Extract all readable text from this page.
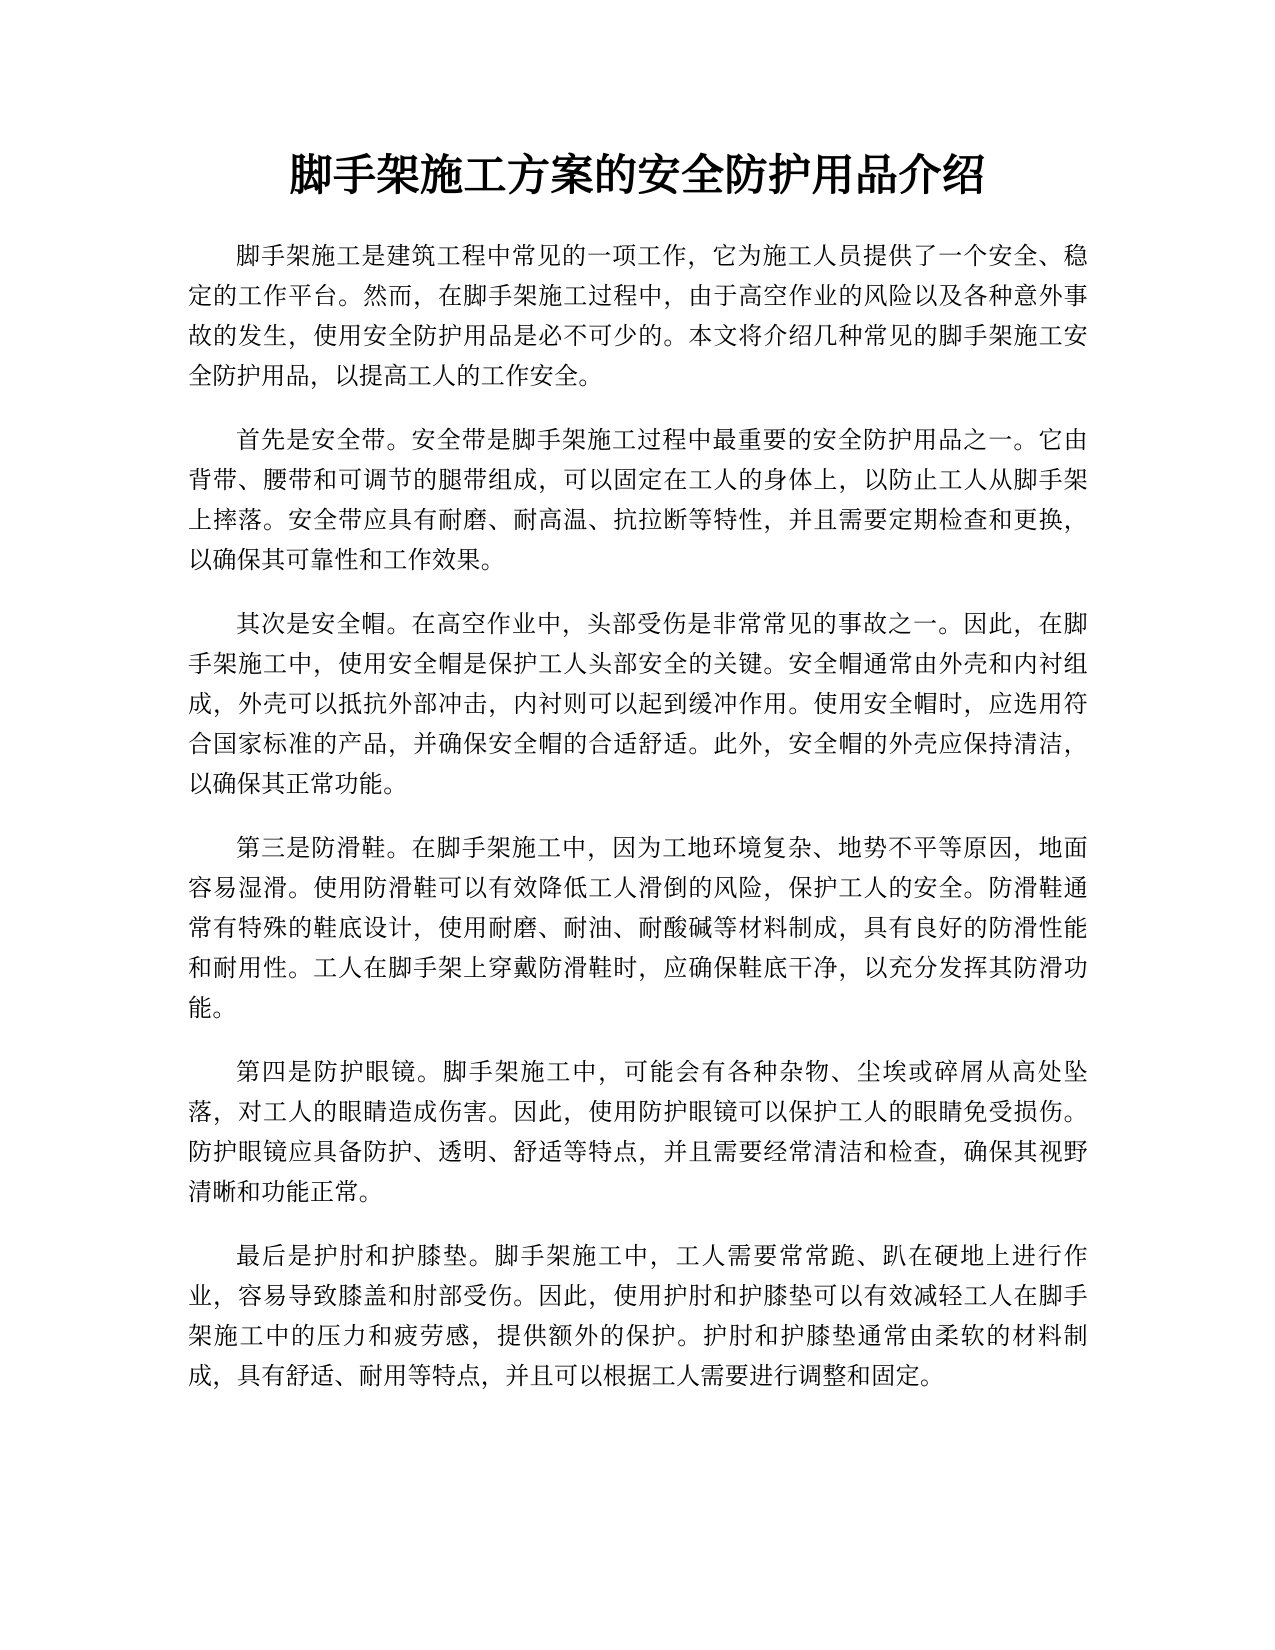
脚手架施工方案的安全防护用品介绍

脚手架施工是建筑工程中常见的一项工作，它为施工人员提供了一个安全、稳定的工作平台。然而，在脚手架施工过程中，由于高空作业的风险以及各种意外事故的发生，使用安全防护用品是必不可少的。本文将介绍几种常见的脚手架施工安全防护用品，以提高工人的工作安全。

首先是安全带。安全带是脚手架施工过程中最重要的安全防护用品之一。它由背带、腰带和可调节的腿带组成，可以固定在工人的身体上，以防止工人从脚手架上摔落。安全带应具有耐磨、耐高温、抗拉断等特性，并且需要定期检查和更换，以确保其可靠性和工作效果。

其次是安全帽。在高空作业中，头部受伤是非常常见的事故之一。因此，在脚手架施工中，使用安全帽是保护工人头部安全的关键。安全帽通常由外壳和内衬组成，外壳可以抵抗外部冲击，内衬则可以起到缓冲作用。使用安全帽时，应选用符合国家标准的产品，并确保安全帽的合适舒适。此外，安全帽的外壳应保持清洁，以确保其正常功能。

第三是防滑鞋。在脚手架施工中，因为工地环境复杂、地势不平等原因，地面容易湿滑。使用防滑鞋可以有效降低工人滑倒的风险，保护工人的安全。防滑鞋通常有特殊的鞋底设计，使用耐磨、耐油、耐酸碱等材料制成，具有良好的防滑性能和耐用性。工人在脚手架上穿戴防滑鞋时，应确保鞋底干净，以充分发挥其防滑功能。

第四是防护眼镜。脚手架施工中，可能会有各种杂物、尘埃或碎屑从高处坠落，对工人的眼睛造成伤害。因此，使用防护眼镜可以保护工人的眼睛免受损伤。防护眼镜应具备防护、透明、舒适等特点，并且需要经常清洁和检查，确保其视野清晰和功能正常。

最后是护肘和护膝垫。脚手架施工中，工人需要常常跪、趴在硬地上进行作业，容易导致膝盖和肘部受伤。因此，使用护肘和护膝垫可以有效减轻工人在脚手架施工中的压力和疲劳感，提供额外的保护。护肘和护膝垫通常由柔软的材料制成，具有舒适、耐用等特点，并且可以根据工人需要进行调整和固定。
